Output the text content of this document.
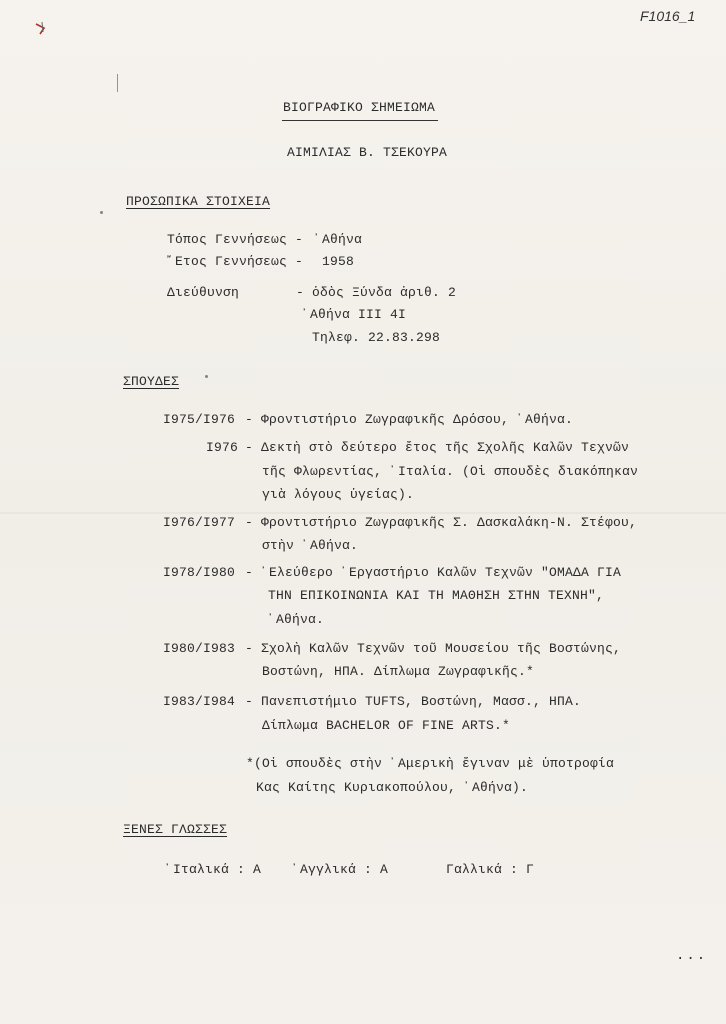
F1016_1
ΒΙΟΓΡΑΦΙΚΟ ΣΗΜΕΙΩΜΑ
ΑΙΜΙΛΙΑΣ Β. ΤΣΕΚΟΥΡΑ
ΠΡΟΣΩΠΙΚΑ ΣΤΟΙΧΕΙΑ
Τόπος Γεννήσεως - ᾽Αθήνα
῎Ετος Γεννήσεως - 1958
Διεύθυνση	- ὁδὸς Ξύνδα ἀριθ. 2
᾽Αθήνα III 4I
Τηλεφ. 22.83.298
ΣΠΟΥΔΕΣ
I975/I976 - Φροντιστήριο Ζωγραφικῆς Δρόσου, ᾽Αθήνα.
I976 - Δεκτὴ στὸ δεύτερο ἔτος τῆς Σχολῆς Καλῶν Τεχνῶν
τῆς Φλωρεντίας, ᾽Ιταλία. (Οἱ σπουδὲς διακόπηκαν
γιὰ λόγους ὑγείας).
I976/I977 - Φροντιστήριο Ζωγραφικῆς Σ. Δασκαλάκη-Ν. Στέφου,
στὴν ᾽Αθήνα.
I978/I980 - ᾽Ελεύθερο ᾽Εργαστήριο Καλῶν Τεχνῶν "ΟΜΑΔΑ ΓΙΑ
ΤΗΝ ΕΠΙΚΟΙΝΩΝΙΑ ΚΑΙ ΤΗ ΜΑΘΗΣΗ ΣΤΗΝ ΤΕΧΝΗ",
᾽Αθήνα.
I980/I983 - Σχολὴ Καλῶν Τεχνῶν τοῦ Μουσείου τῆς Βοστώνης,
Βοστώνη, ΗΠΑ. Δίπλωμα Ζωγραφικῆς.*
I983/I984 - Πανεπιστήμιο TUFTS, Βοστώνη, Μασσ., ΗΠΑ.
Δίπλωμα BACHELOR OF FINE ARTS.*
*(Οἱ σπουδὲς στὴν ᾽Αμερικὴ ἔγιναν μὲ ὑποτροφία
Κας Καίτης Κυριακοπούλου, ᾽Αθήνα).
ΞΕΝΕΣ ΓΛΩΣΣΕΣ
᾽Ιταλικά : Α ᾽Αγγλικά : Α	Γαλλικά : Γ
...
